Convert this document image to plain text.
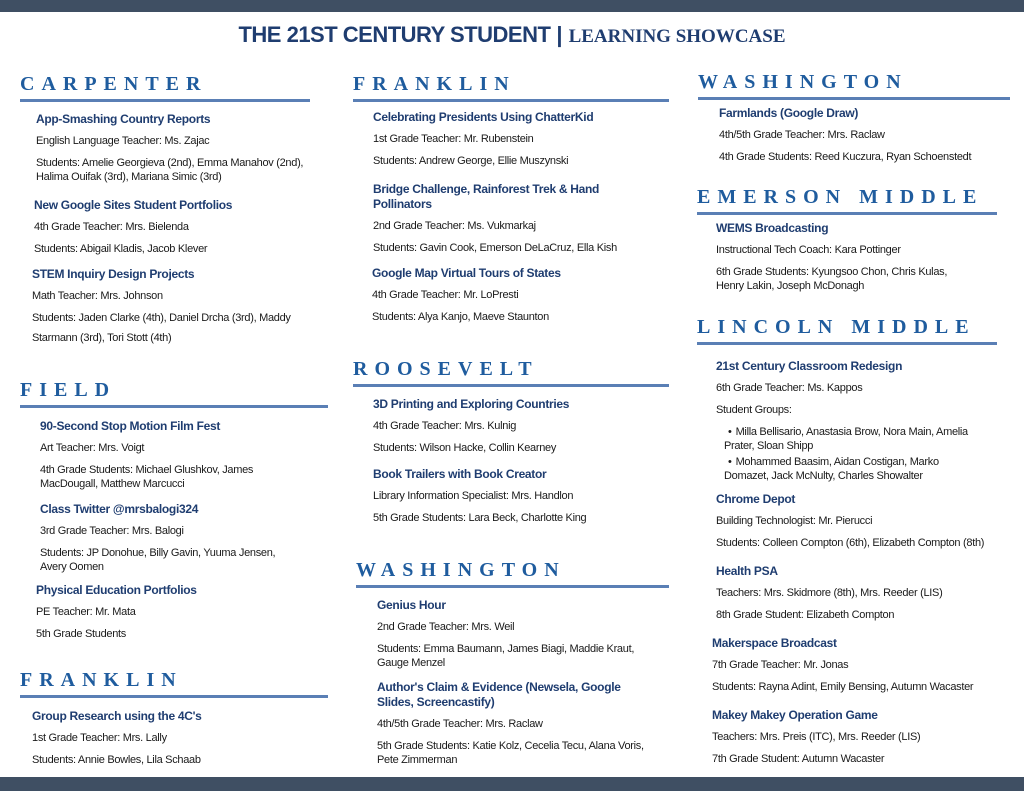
THE 21ST CENTURY STUDENT | LEARNING SHOWCASE
CARPENTER
App-Smashing Country Reports
English Language Teacher: Ms. Zajac
Students: Amelie Georgieva (2nd), Emma Manahov (2nd),
Halima Ouifak (3rd), Mariana Simic (3rd)
New Google Sites Student Portfolios
4th Grade Teacher: Mrs. Bielenda
Students: Abigail Kladis, Jacob Klever
STEM Inquiry Design Projects
Math Teacher: Mrs. Johnson
Students: Jaden Clarke (4th), Daniel Drcha (3rd), Maddy
Starmann (3rd), Tori Stott (4th)
FIELD
90-Second Stop Motion Film Fest
Art Teacher: Mrs. Voigt
4th Grade Students: Michael Glushkov, James
MacDougall, Matthew Marcucci
Class Twitter @mrsbalogi324
3rd Grade Teacher: Mrs. Balogi
Students: JP Donohue, Billy Gavin, Yuuma Jensen,
Avery Oomen
Physical Education Portfolios
PE Teacher: Mr. Mata
5th Grade Students
FRANKLIN
Group Research using the 4C's
1st Grade Teacher: Mrs. Lally
Students: Annie Bowles, Lila Schaab
FRANKLIN
Celebrating Presidents Using ChatterKid
1st Grade Teacher: Mr. Rubenstein
Students: Andrew George, Ellie Muszynski
Bridge Challenge, Rainforest Trek & Hand
Pollinators
2nd Grade Teacher: Ms. Vukmarkaj
Students: Gavin Cook, Emerson DeLaCruz, Ella Kish
Google Map Virtual Tours of States
4th Grade Teacher: Mr. LoPresti
Students: Alya Kanjo, Maeve Staunton
ROOSEVELT
3D Printing and Exploring Countries
4th Grade Teacher: Mrs. Kulnig
Students: Wilson Hacke, Collin Kearney
Book Trailers with Book Creator
Library Information Specialist: Mrs. Handlon
5th Grade Students: Lara Beck, Charlotte King
WASHINGTON
Genius Hour
2nd Grade Teacher: Mrs. Weil
Students: Emma Baumann, James Biagi, Maddie Kraut,
Gauge Menzel
Author's Claim & Evidence (Newsela, Google
Slides, Screencastify)
4th/5th Grade Teacher: Mrs. Raclaw
5th Grade Students: Katie Kolz, Cecelia Tecu, Alana Voris,
Pete Zimmerman
WASHINGTON
Farmlands (Google Draw)
4th/5th Grade Teacher: Mrs. Raclaw
4th Grade Students: Reed Kuczura, Ryan Schoenstedt
EMERSON MIDDLE
WEMS Broadcasting
Instructional Tech Coach: Kara Pottinger
6th Grade Students: Kyungsoo Chon, Chris Kulas,
Henry Lakin, Joseph McDonagh
LINCOLN MIDDLE
21st Century Classroom Redesign
6th Grade Teacher: Ms. Kappos
Student Groups:
• Milla Bellisario, Anastasia Brow, Nora Main, Amelia
Prater, Sloan Shipp
• Mohammed Baasim, Aidan Costigan, Marko
Domazet, Jack McNulty, Charles Showalter
Chrome Depot
Building Technologist: Mr. Pierucci
Students: Colleen Compton (6th), Elizabeth Compton (8th)
Health PSA
Teachers: Mrs. Skidmore (8th), Mrs. Reeder (LIS)
8th Grade Student: Elizabeth Compton
Makerspace Broadcast
7th Grade Teacher: Mr. Jonas
Students: Rayna Adint, Emily Bensing, Autumn Wacaster
Makey Makey Operation Game
Teachers: Mrs. Preis (ITC), Mrs. Reeder (LIS)
7th Grade Student: Autumn Wacaster
